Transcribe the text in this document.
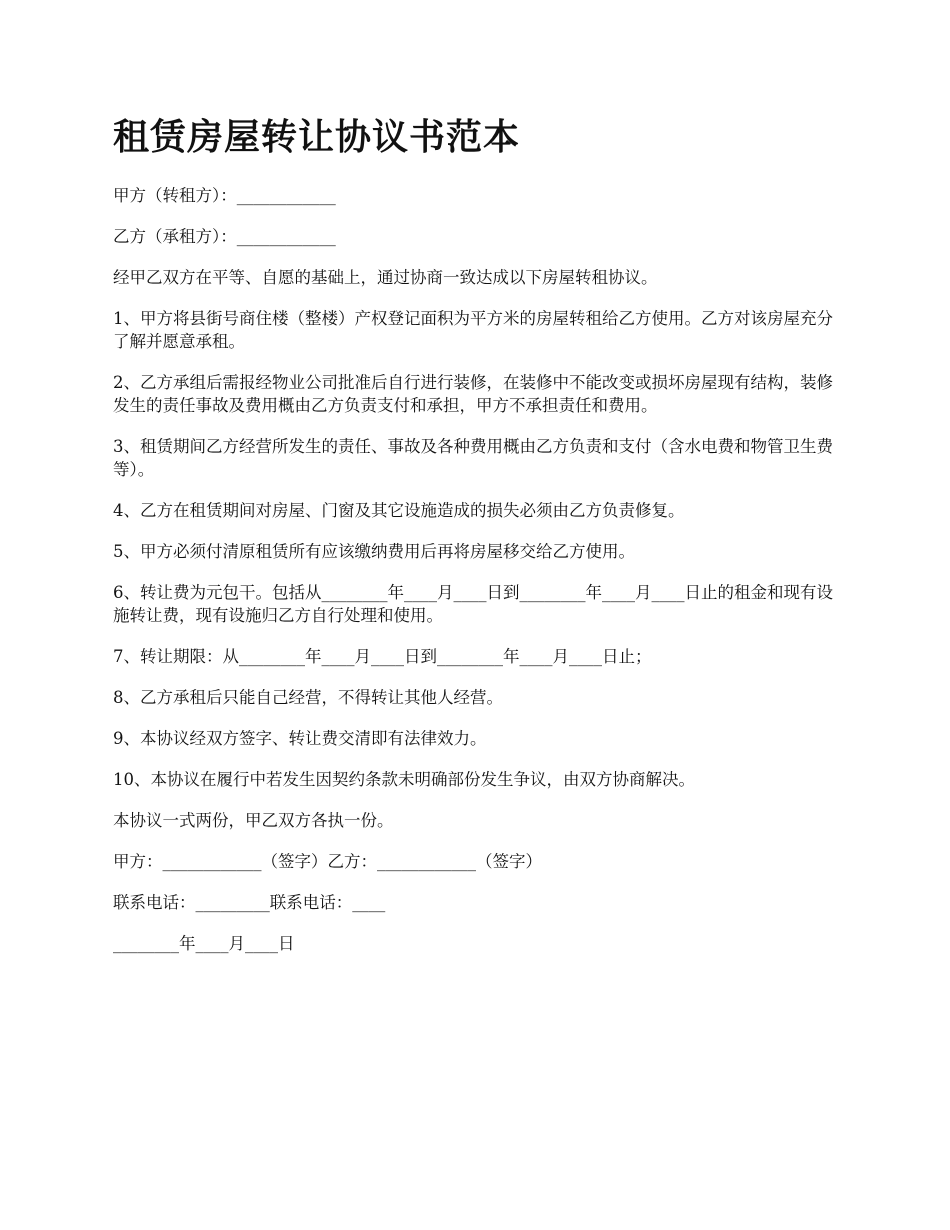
租赁房屋转让协议书范本

甲方（转租方）：____________

乙方（承租方）：____________

经甲乙双方在平等、自愿的基础上，通过协商一致达成以下房屋转租协议。

1、甲方将县街号商住楼（整楼）产权登记面积为平方米的房屋转租给乙方使用。乙方对该房屋充分了解并愿意承租。

2、乙方承组后需报经物业公司批准后自行进行装修，在装修中不能改变或损坏房屋现有结构，装修发生的责任事故及费用概由乙方负责支付和承担，甲方不承担责任和费用。

3、租赁期间乙方经营所发生的责任、事故及各种费用概由乙方负责和支付（含水电费和物管卫生费等）。

4、乙方在租赁期间对房屋、门窗及其它设施造成的损失必须由乙方负责修复。

5、甲方必须付清原租赁所有应该缴纳费用后再将房屋移交给乙方使用。

6、转让费为元包干。包括从________年____月____日到________年____月____日止的租金和现有设施转让费，现有设施归乙方自行处理和使用。

7、转让期限：从________年____月____日到________年____月____日止；

8、乙方承租后只能自己经营，不得转让其他人经营。

9、本协议经双方签字、转让费交清即有法律效力。

10、本协议在履行中若发生因契约条款未明确部份发生争议，由双方协商解决。

本协议一式两份，甲乙双方各执一份。

甲方：____________（签字）乙方：____________（签字）

联系电话：_________联系电话：____

________年____月____日
